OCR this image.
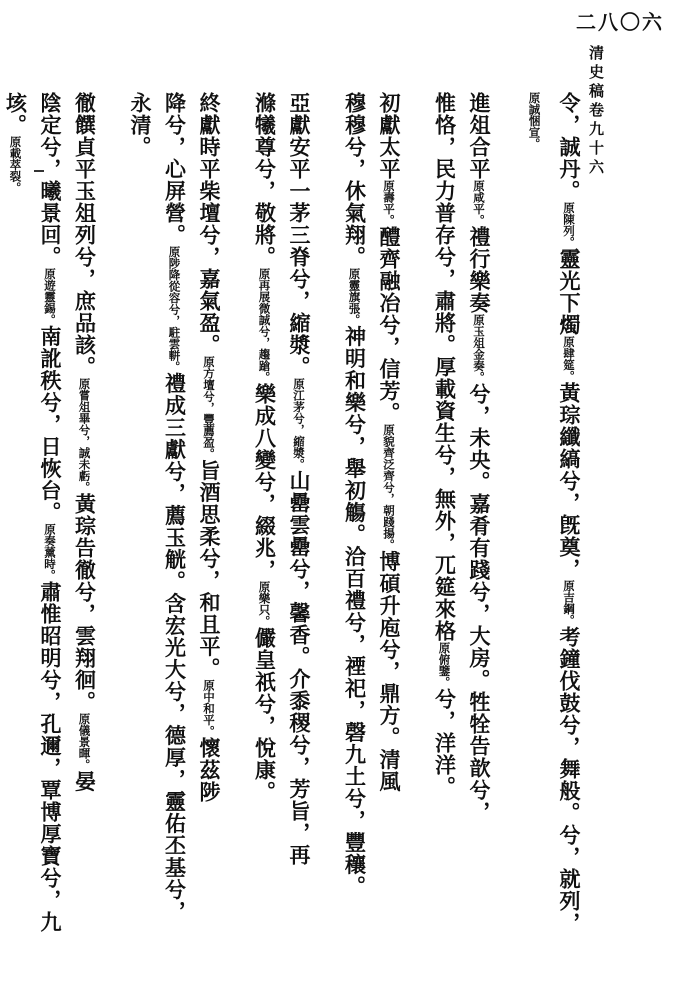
二八〇六
清史稿卷九十六
令，誠丹。原陳列。靈光下燭原肆筵。黃琮纖縞兮，旣奠，原吉鋼。考鐘伐鼓兮，舞般。兮，就列，
原誠悃宣。
進俎合平原咸平。禮行樂奏原玉俎金奏。兮，未央。嘉肴有踐兮，大房。牲牷告歆兮，
惟恪，民力普存兮，肅將。厚載資生兮，無外，兀筵來格原俯鑒。兮，洋洋。
初獻太平原壽平。醴齊融冶兮，信芳。原貌齊泛齊兮，朝踐揚。博碩升庖兮，鼎方。清風
穆穆兮，休氣翔。原靈旗張。神明和樂兮，舉初觴。洽百禮兮，禋祀，磬九土兮，豐穰。
亞獻安平一茅三脊兮，縮漿。原江茅兮，縮漿。山罍雲罍兮，馨香。介黍稷兮，芳旨，再
滌犧尊兮，敬將。原再展微誠兮，趨蹌。樂成八變兮，綴兆，原樂只。儼皇祇兮，悅康。
終獻時平柴壇兮，嘉氣盈。原方壇兮，豐薦盈。旨酒思柔兮，和且平。原中和平。懷茲陟
降兮，心屏營。原陟降從容兮，駐雲軿。禮成三獻兮，薦玉觥。含宏光大兮，德厚，靈佑丕基兮，
永清。
徹饌貞平玉俎列兮，庶品該。原嘗俎畢兮，誠未虧。黃琮告徹兮，雲翔徊。原儀景暉。晏
陰定兮，曦景回。原遊靈錫。南訛秩兮，日恢台。原奏薰時。肅惟昭明兮，孔邇，覃博厚寶兮，九
垓。原載萃裂。
